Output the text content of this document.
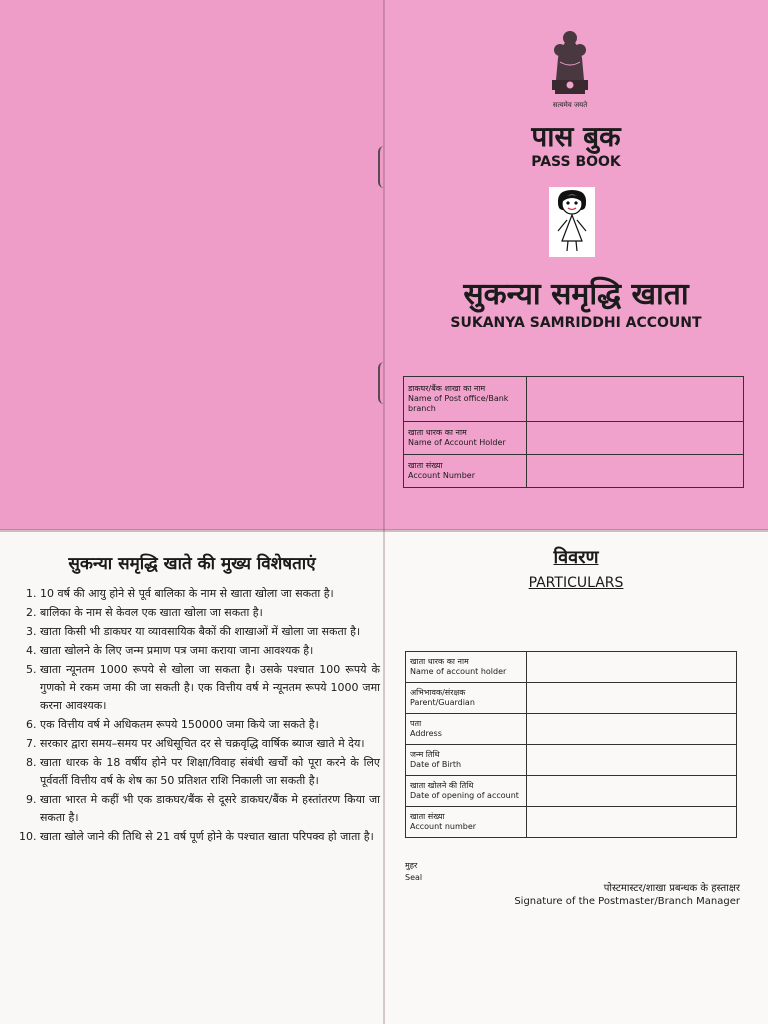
सत्यमेव जयते
पास बुक
PASS BOOK
सुकन्या समृद्धि खाता
SUKANYA SAMRIDDHI ACCOUNT
डाकघर/बैंक शाखा का नाम
Name of Post office/Bank branch	

खाता धारक का नाम
Name of Account Holder	

खाता संख्या
Account Number	

सुकन्या समृद्धि खाते की मुख्य विशेषताएं
1. 10 वर्ष की आयु होने से पूर्व बालिका के नाम से खाता खोला जा सकता है।
2. बालिका के नाम से केवल एक खाता खोला जा सकता है।
3. खाता किसी भी डाकघर या व्यावसायिक बैकों की शाखाओं में खोला जा सकता है।
4. खाता खोलने के लिए जन्म प्रमाण पत्र जमा कराया जाना आवश्यक है।
5. खाता न्यूनतम 1000 रूपये से खोला जा सकता है। उसके पश्चात 100 रूपये के गुणको मे रकम जमा की जा सकती है। एक वित्तीय वर्ष मे न्यूनतम रूपये 1000 जमा करना आवश्यक।
6. एक वित्तीय वर्ष मे अधिकतम रूपये 150000 जमा किये जा सकते है।
7. सरकार द्वारा समय–समय पर अधिसूचित दर से चक्रवृद्धि वार्षिक ब्याज खाते मे देय।
8. खाता धारक के 18 वर्षीय होने पर शिक्षा/विवाह संबंधी खर्चों को पूरा करने के लिए पूर्ववर्ती वित्तीय वर्ष के शेष का 50 प्रतिशत राशि निकाली जा सकती है।
9. खाता भारत मे कहीं भी एक डाकघर/बैंक से दूसरे डाकघर/बैंक मे हस्तांतरण किया जा सकता है।
10. खाता खोले जाने की तिथि से 21 वर्ष पूर्ण होने के पश्चात खाता परिपक्व हो जाता है।
विवरण
PARTICULARS
खाता धारक का नाम
Name of account holder	

अभिभावक/संरक्षक
Parent/Guardian	

पता
Address	

जन्म तिथि
Date of Birth	

खाता खोलने की तिथि
Date of opening of account	

खाता संख्या
Account number	

मुहर
Seal
पोस्टमास्टर/शाखा प्रबन्धक के हस्ताक्षर
Signature of the Postmaster/Branch Manager
